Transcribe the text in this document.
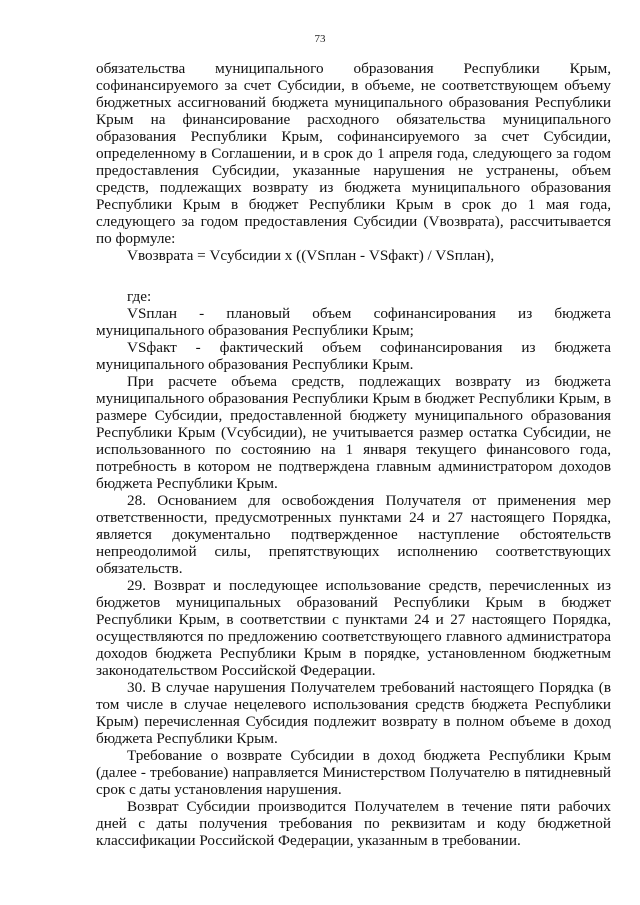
73

обязательства муниципального образования Республики Крым, софинансируемого за счет Субсидии, в объеме, не соответствующем объему бюджетных ассигнований бюджета муниципального образования Республики Крым на финансирование расходного обязательства муниципального образования Республики Крым, софинансируемого за счет Субсидии, определенному в Соглашении, и в срок до 1 апреля года, следующего за годом предоставления Субсидии, указанные нарушения не устранены, объем средств, подлежащих возврату из бюджета муниципального образования Республики Крым в бюджет Республики Крым в срок до 1 мая года, следующего за годом предоставления Субсидии (Vвозврата), рассчитывается по формуле:

Vвозврата = Vсубсидии x ((VSплан - VSфакт) / VSплан),

где:

VSплан - плановый объем софинансирования из бюджета муниципального образования Республики Крым;

VSфакт - фактический объем софинансирования из бюджета муниципального образования Республики Крым.

При расчете объема средств, подлежащих возврату из бюджета муниципального образования Республики Крым в бюджет Республики Крым, в размере Субсидии, предоставленной бюджету муниципального образования Республики Крым (Vсубсидии), не учитывается размер остатка Субсидии, не использованного по состоянию на 1 января текущего финансового года, потребность в котором не подтверждена главным администратором доходов бюджета Республики Крым.

28. Основанием для освобождения Получателя от применения мер ответственности, предусмотренных пунктами 24 и 27 настоящего Порядка, является документально подтвержденное наступление обстоятельств непреодолимой силы, препятствующих исполнению соответствующих обязательств.

29. Возврат и последующее использование средств, перечисленных из бюджетов муниципальных образований Республики Крым в бюджет Республики Крым, в соответствии с пунктами 24 и 27 настоящего Порядка, осуществляются по предложению соответствующего главного администратора доходов бюджета Республики Крым в порядке, установленном бюджетным законодательством Российской Федерации.

30. В случае нарушения Получателем требований настоящего Порядка (в том числе в случае нецелевого использования средств бюджета Республики Крым) перечисленная Субсидия подлежит возврату в полном объеме в доход бюджета Республики Крым.

Требование о возврате Субсидии в доход бюджета Республики Крым (далее - требование) направляется Министерством Получателю в пятидневный срок с даты установления нарушения.

Возврат Субсидии производится Получателем в течение пяти рабочих дней с даты получения требования по реквизитам и коду бюджетной классификации Российской Федерации, указанным в требовании.
